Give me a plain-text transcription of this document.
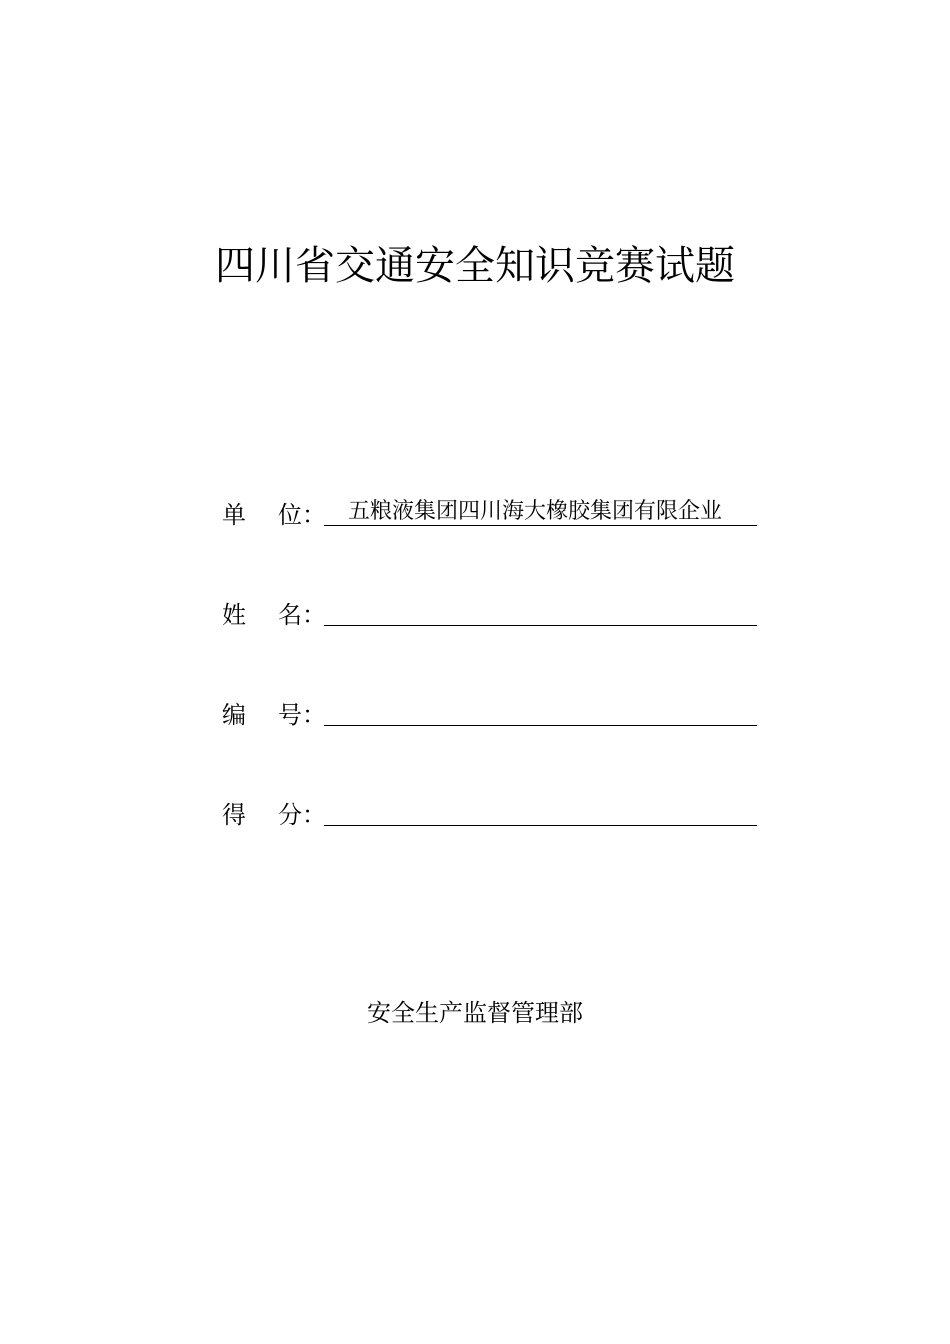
四川省交通安全知识竞赛试题
单 位 ： 五粮液集团四川海大橡胶集团有限企业
姓 名 ：
编 号 ：
得 分 ：
安全生产监督管理部
